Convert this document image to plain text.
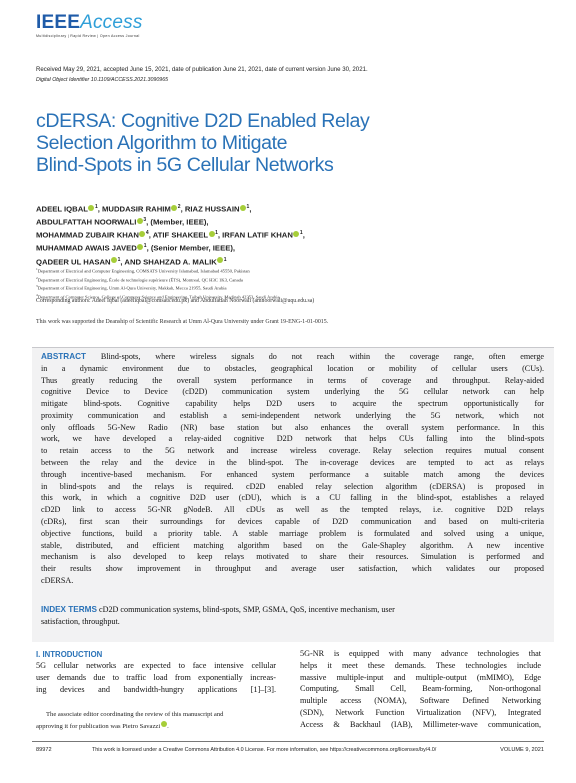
IEEEAccess
Multidisciplinary | Rapid Review | Open Access Journal
Received May 29, 2021, accepted June 15, 2021, date of publication June 21, 2021, date of current version June 30, 2021.
Digital Object Identifier 10.1109/ACCESS.2021.3090965
cDERSA: Cognitive D2D Enabled Relay
Selection Algorithm to Mitigate
Blind-Spots in 5G Cellular Networks
ADEEL IQBAL $^1$, MUDDASIR RAHIM $^2$, RIAZ HUSSAIN $^1$,
ABDULFATTAH NOORWALI $^3$, (Member, IEEE),
MOHAMMAD ZUBAIR KHAN $^4$, ATIF SHAKEEL $^1$, IRFAN LATIF KHAN $^1$,
MUHAMMAD AWAIS JAVED $^1$, (Senior Member, IEEE),
QADEER UL HASAN $^1$, AND SHAHZAD A. MALIK $^1$
$^1$Department of Electrical and Computer Engineering, COMSATS University Islamabad, Islamabad 45550, Pakistan
$^2$Department of Electrical Engineering, École de technologie supérieure (ÉTS), Montreal, QC H3C 1K3, Canada
$^3$Department of Electrical Engineering, Umm Al-Qura University, Makkah, Mecca 21955, Saudi Arabia
$^4$Department of Computer Science, College of Computer Science and Engineering, Taibah University, Madinah 42353, Saudi Arabia
Corresponding authors: Adeel Iqbal (adeeliqbal@comsats.edu.pk) and Abdulfattah Noorwali (amnoorwali@uqu.edu.sa)
This work was supported the Deanship of Scientific Research at Umm Al-Qura University under Grant 19-ENG-1-01-0015.
ABSTRACT Blind-spots, where wireless signals do not reach within the coverage range, often emerge
in a dynamic environment due to obstacles, geographical location or mobility of cellular users (CUs).
Thus greatly reducing the overall system performance in terms of coverage and throughput. Relay-aided
cognitive Device to Device (cD2D) communication system underlying the 5G cellular network can help
mitigate blind-spots. Cognitive capability helps D2D users to acquire the spectrum opportunistically for
proximity communication and establish a semi-independent network underlying the 5G network, which not
only offloads 5G-New Radio (NR) base station but also enhances the overall system performance. In this
work, we have developed a relay-aided cognitive D2D network that helps CUs falling into the blind-spots
to retain access to the 5G network and increase wireless coverage. Relay selection requires mutual consent
between the relay and the device in the blind-spot. The in-coverage devices are tempted to act as relays
through incentive-based mechanism. For enhanced system performance a suitable match among the devices
in blind-spots and the relays is required. cD2D enabled relay selection algorithm (cDERSA) is proposed in
this work, in which a cognitive D2D user (cDU), which is a CU falling in the blind-spot, establishes a relayed
cD2D link to access 5G-NR gNodeB. All cDUs as well as the tempted relays, i.e. cognitive D2D relays
(cDRs), first scan their surroundings for devices capable of D2D communication and based on multi-criteria
objective functions, build a priority table. A stable marriage problem is formulated and solved using a unique,
stable, distributed, and efficient matching algorithm based on the Gale-Shapley algorithm. A new incentive
mechanism is also developed to keep relays motivated to share their resources. Simulation is performed and
their results show improvement in throughput and average user satisfaction, which validates our proposed
cDERSA.
INDEX TERMS cD2D communication systems, blind-spots, SMP, GSMA, QoS, incentive mechanism, user
satisfaction, throughput.
I. INTRODUCTION
5G cellular networks are expected to face intensive cellular
user demands due to traffic load from exponentially increas-
ing devices and bandwidth-hungry applications [1]–[3].
5G-NR is equipped with many advance technologies that
helps it meet these demands. These technologies include
massive multiple-input and multiple-output (mMIMO), Edge
Computing, Small Cell, Beam-forming, Non-orthogonal
multiple access (NOMA), Software Defined Networking
(SDN), Network Function Virtualization (NFV), Integrated
Access & Backhaul (IAB), Millimeter-wave communication,
The associate editor coordinating the review of this manuscript and
approving it for publication was Pietro Savazzi .
89972	This work is licensed under a Creative Commons Attribution 4.0 License. For more information, see https://creativecommons.org/licenses/by/4.0/	VOLUME 9, 2021
